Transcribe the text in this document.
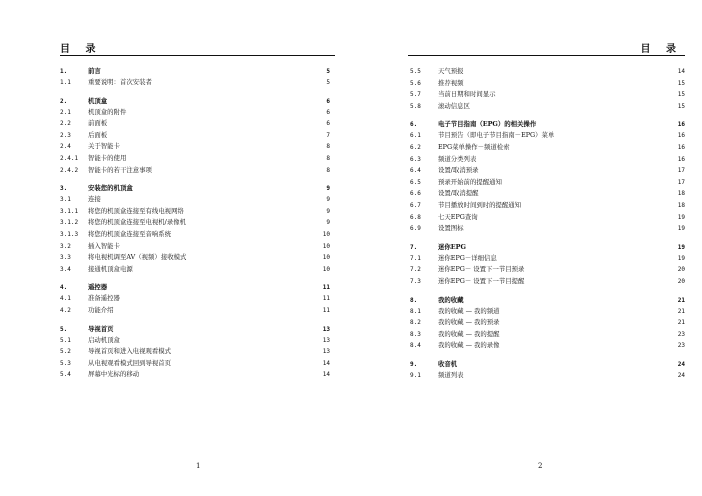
目 录
1.	前言	5
1.1	重要说明：首次安装者	5
2.	机顶盒	6
2.1	机顶盒的附件	6
2.2	前面板	6
2.3	后面板	7
2.4	关于智能卡	8
2.4.1 智能卡的使用	8
2.4.2 智能卡的若干注意事项	8
3.	安装您的机顶盒	9
3.1	连接	9
3.1.1 将您的机顶盒连接至有线电视网络	9
3.1.2 将您的机顶盒连接至电视机/录像机	9
3.1.3 将您的机顶盒连接至音响系统	10
3.2	插入智能卡	10
3.3	将电视机调至AV（视频）接收模式	10
3.4	接通机顶盒电源	10
4.	遥控器	11
4.1	准备遥控器	11
4.2	功能介绍	11
5.	导视首页	13
5.1	启动机顶盒	13
5.2	导视首页和进入电视观看模式	13
5.3	从电视观看模式回到导视首页	14
5.4	屏幕中光标的移动	14
1
目 录
5.5	天气预报	14
5.6	推荐视频	15
5.7	当前日期和时间显示	15
5.8	滚动信息区	15
6.	电子节目指南（EPG）的相关操作	16
6.1	节目预告（即电子节目指南－EPG）菜单	16
6.2	EPG菜单操作－频道检索	16
6.3	频道分类列表	16
6.4	设置/取消预录	17
6.5	预录开始前的提醒通知	17
6.6	设置/取消提醒	18
6.7	节目播放时间到时的提醒通知	18
6.8	七天EPG查询	19
6.9	设置图标	19
7.	迷你EPG	19
7.1	迷你EPG－详细信息	19
7.2	迷你EPG－ 设置下一节目预录	20
7.3	迷你EPG－ 设置下一节目提醒	20
8.	我的收藏	21
8.1	我的收藏 — 我的频道	21
8.2	我的收藏 — 我的预录	21
8.3	我的收藏 — 我的提醒	23
8.4	我的收藏 — 我的录像	23
9.	收音机	24
9.1	频道列表	24
2
